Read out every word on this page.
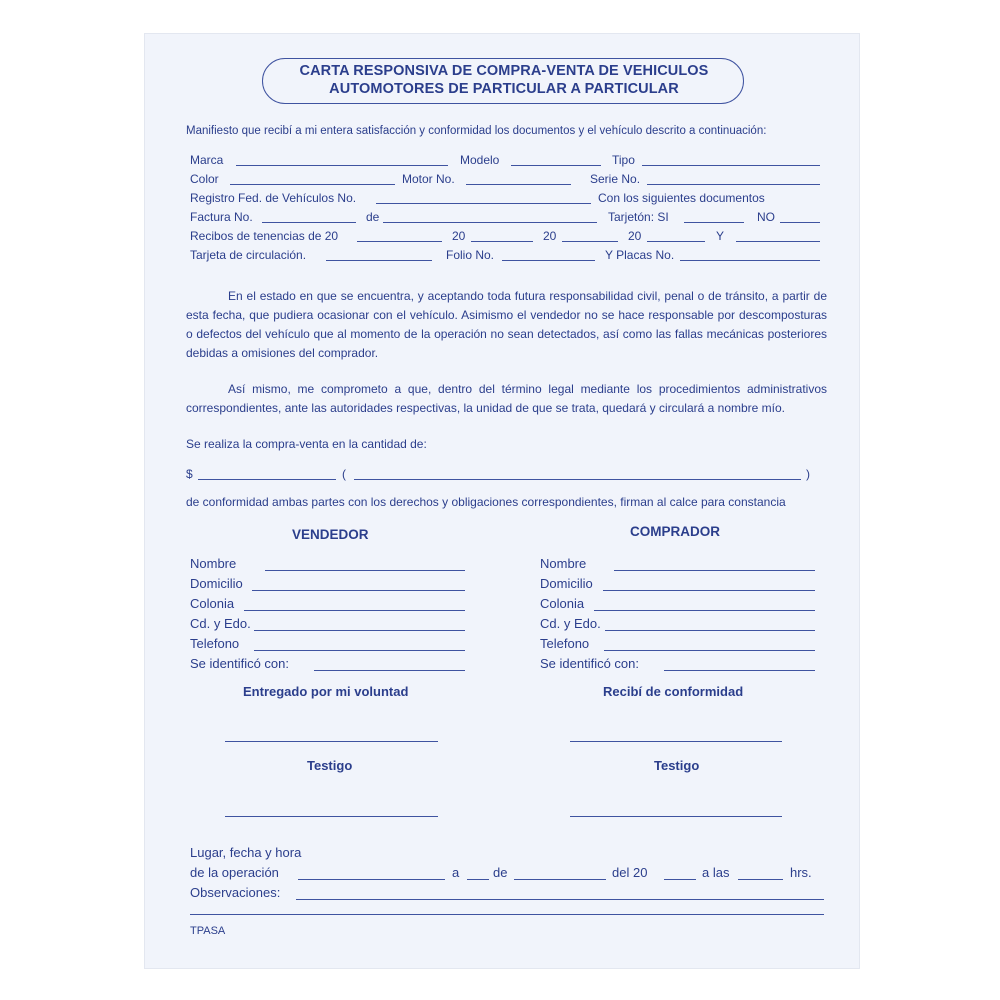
CARTA RESPONSIVA DE COMPRA-VENTA DE VEHICULOS
AUTOMOTORES DE PARTICULAR A PARTICULAR
Manifiesto que recibí a mi entera satisfacción y conformidad los documentos y el vehículo descrito a continuación:
Marca	Modelo	Tipo
Color	Motor No.	Serie No.
Registro Fed. de Vehículos No.	Con los siguientes documentos
Factura No.	de	Tarjetón: SI	NO
Recibos de tenencias de 20	20	20	20	Y
Tarjeta de circulación.	Folio No.	Y Placas No.
En el estado en que se encuentra, y aceptando toda futura responsabilidad civil, penal o de tránsito, a partir de esta fecha, que pudiera ocasionar con el vehículo. Asimismo el vendedor no se hace responsable por descomposturas o defectos del vehículo que al momento de la operación no sean detectados, así como las fallas mecánicas posteriores debidas a omisiones del comprador.
Así mismo, me comprometo a que, dentro del término legal mediante los procedimientos administrativos correspondientes, ante las autoridades respectivas, la unidad de que se trata, quedará y circulará a nombre mío.
Se realiza la compra-venta en la cantidad de:
$	(	)
de conformidad ambas partes con los derechos y obligaciones correspondientes, firman al calce para constancia
VENDEDOR
Nombre
Domicilio
Colonia
Cd. y Edo.
Telefono
Se identificó con:
COMPRADOR
Nombre
Domicilio
Colonia
Cd. y Edo.
Telefono
Se identificó con:
Entregado por mi voluntad	Recibí de conformidad
Testigo	Testigo
Lugar, fecha y hora
de la operación	a	de	del 20	a las	hrs.
Observaciones:
TPASA
